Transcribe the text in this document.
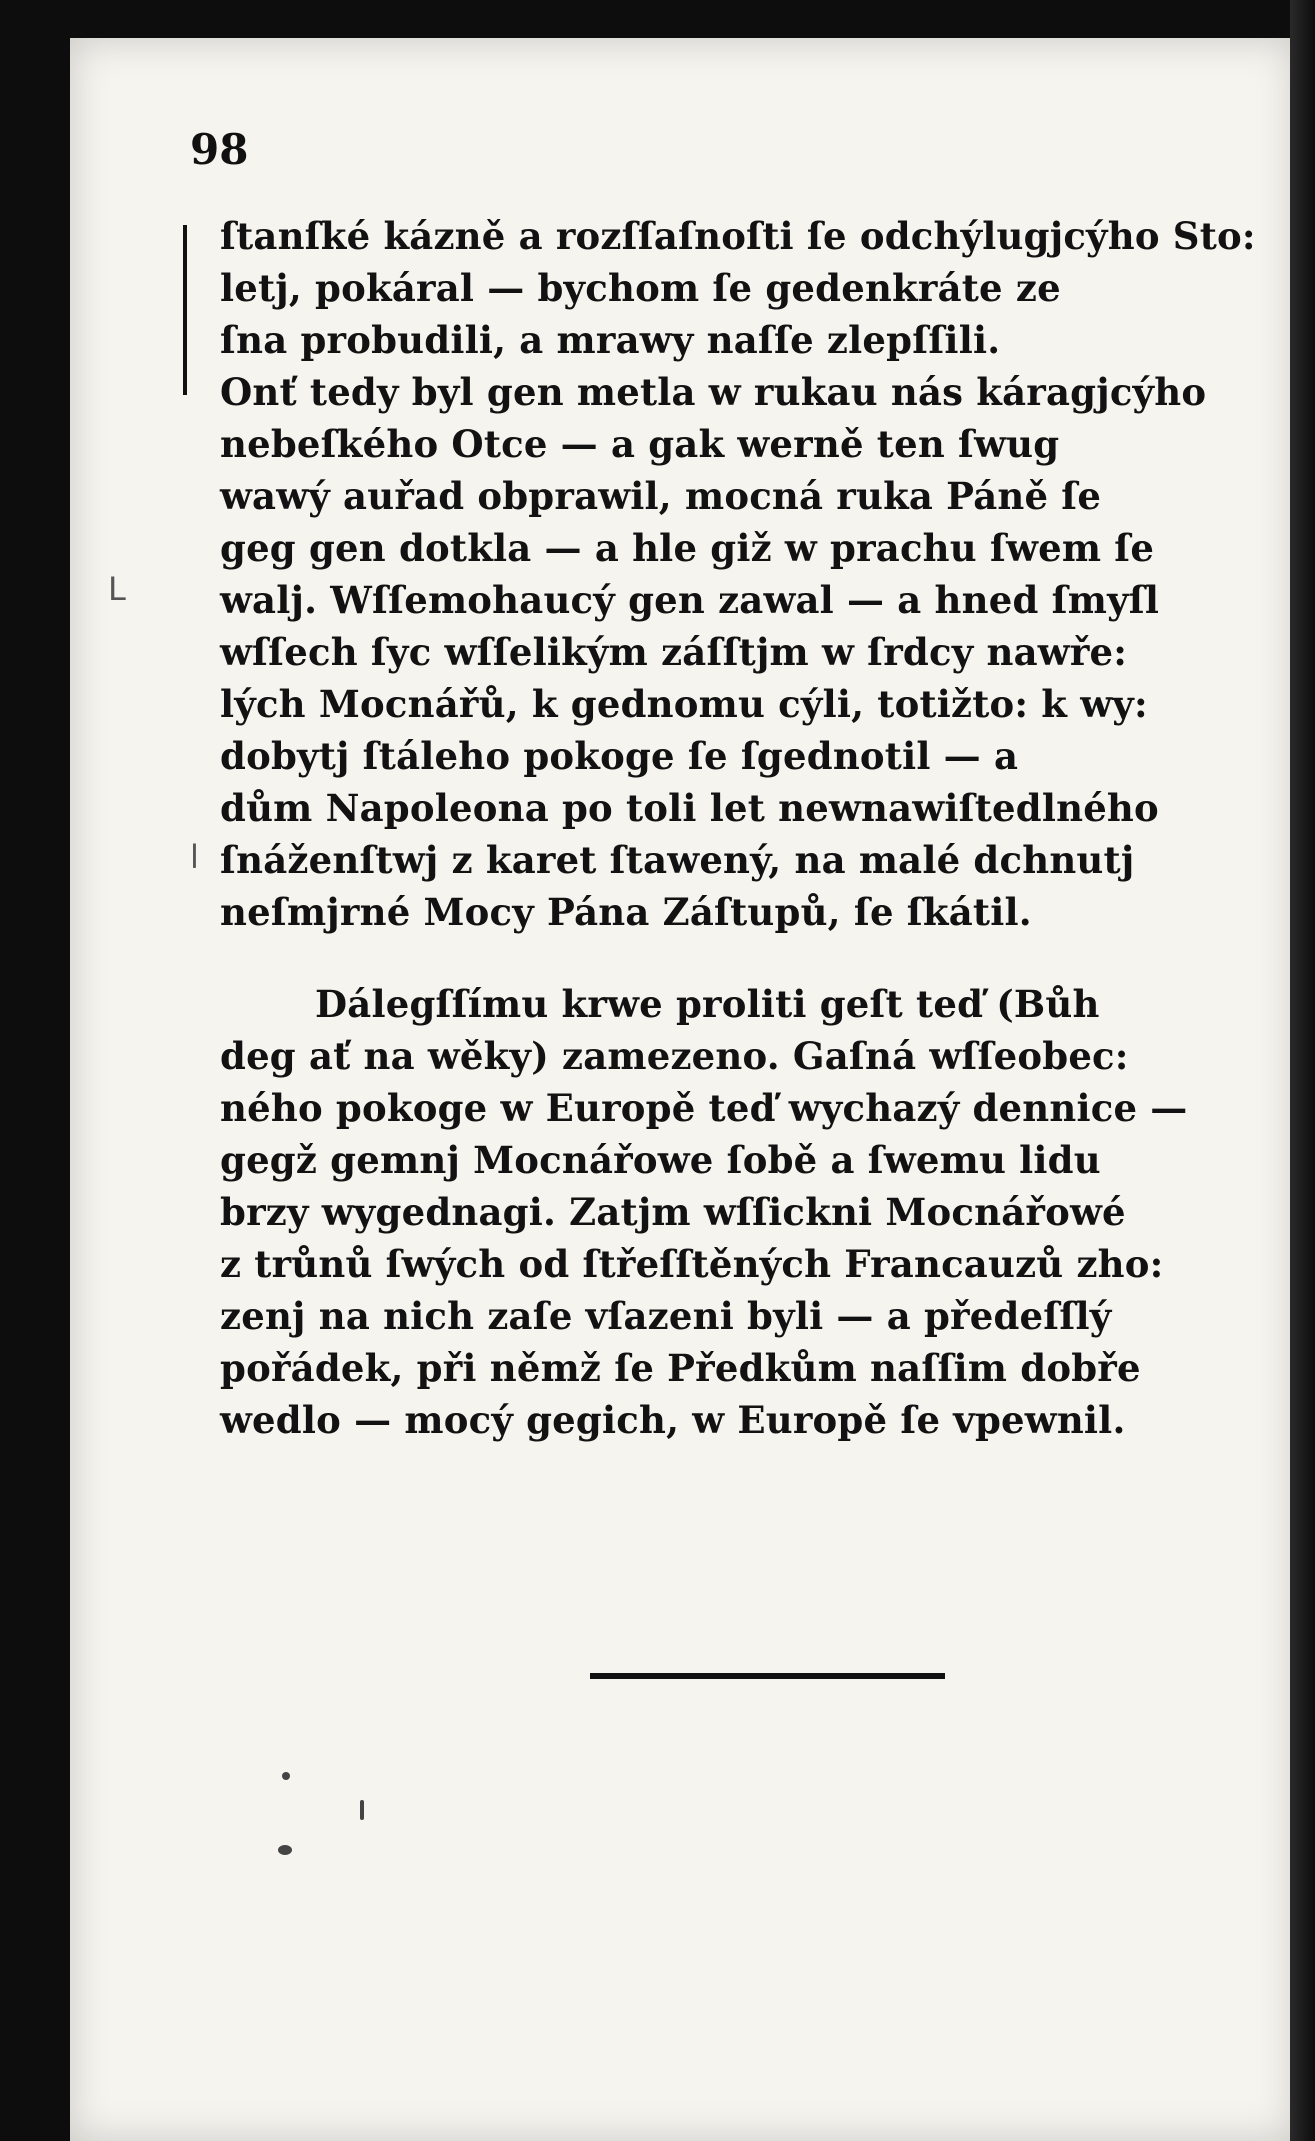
98
L
l
ſtanſké kázně a rozſſaſnoſti ſe odchýlugjcýho Sto:
letj, pokáral — bychom ſe gedenkráte ze
ſna probudili, a mrawy naſſe zlepſſili.
Onť tedy byl gen metla w rukau nás káragjcýho
nebeſkého Otce — a gak werně ten ſwug
wawý auřad obprawil, mocná ruka Páně ſe
geg gen dotkla — a hle giž w prachu ſwem ſe
walj. Wſſemohaucý gen zawal — a hned ſmyſl
wſſech ſyc wſſelikým záſſtjm w ſrdcy nawře:
lých Mocnářů, k gednomu cýli, totižto: k wy:
dobytj ſtáleho pokoge ſe ſgednotil — a
dům Napoleona po toli let newnawiſtedlného
ſnáženſtwj z karet ſtawený, na malé dchnutj
neſmjrné Mocy Pána Záſtupů, ſe ſkátil.
Dálegſſímu krwe proliti geſt teď (Bůh
deg ať na wěky) zamezeno. Gaſná wſſeobec:
ného pokoge w Europě teď wychazý dennice —
gegž gemnj Mocnářowe ſobě a ſwemu lidu
brzy wygednagi. Zatjm wſſickni Mocnářowé
z trůnů ſwých od ſtřeſſtěných Francauzů zho:
zenj na nich zaſe vſazeni byli — a předeſſlý
pořádek, při němž ſe Předkům naſſim dobře
wedlo — mocý gegich, w Europě ſe vpewnil.
